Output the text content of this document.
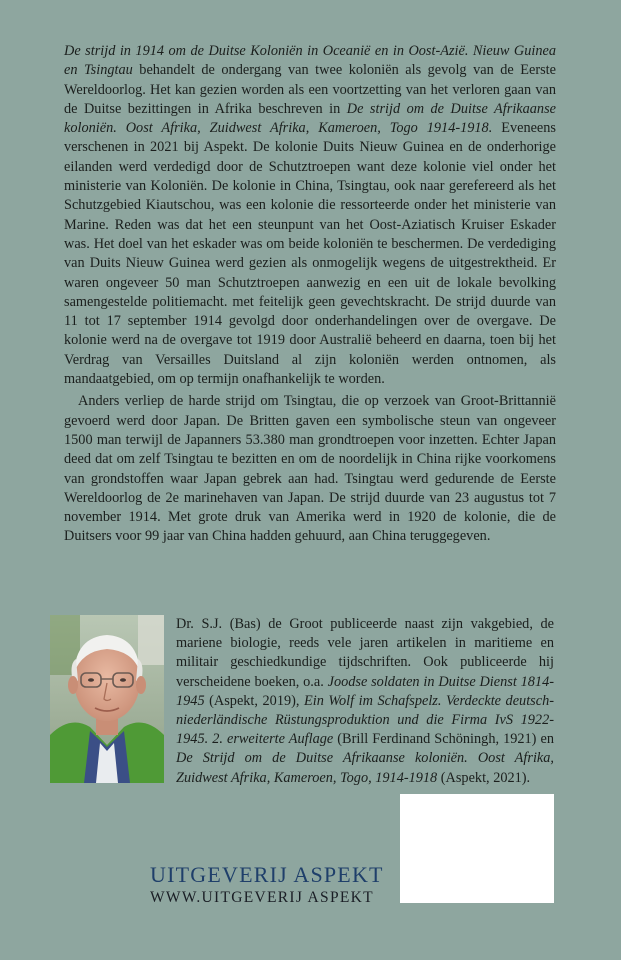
De strijd in 1914 om de Duitse Koloniën in Oceanië en in Oost-Azië. Nieuw Guinea en Tsingtau behandelt de ondergang van twee koloniën als gevolg van de Eerste Wereldoorlog. Het kan gezien worden als een voortzetting van het verloren gaan van de Duitse bezittingen in Afrika beschreven in De strijd om de Duitse Afrikaanse koloniën. Oost Afrika, Zuidwest Afrika, Kameroen, Togo 1914-1918. Eveneens verschenen in 2021 bij Aspekt. De kolonie Duits Nieuw Guinea en de onderhorige eilanden werd verdedigd door de Schutztroepen want deze kolonie viel onder het ministerie van Koloniën. De kolonie in China, Tsingtau, ook naar gerefereerd als het Schutzgebied Kiautschou, was een kolonie die ressorteerde onder het ministerie van Marine. Reden was dat het een steunpunt van het Oost-Aziatisch Kruiser Eskader was. Het doel van het eskader was om beide koloniën te beschermen. De verdediging van Duits Nieuw Guinea werd gezien als onmogelijk wegens de uitgestrektheid. Er waren ongeveer 50 man Schutztroepen aanwezig en een uit de lokale bevolking samengestelde politiemacht. met feitelijk geen gevechtskracht. De strijd duurde van 11 tot 17 september 1914 gevolgd door onderhandelingen over de overgave. De kolonie werd na de overgave tot 1919 door Australië beheerd en daarna, toen bij het Verdrag van Versailles Duitsland al zijn koloniën werden ontnomen, als mandaatgebied, om op termijn onafhankelijk te worden.

Anders verliep de harde strijd om Tsingtau, die op verzoek van Groot-Brittannië gevoerd werd door Japan. De Britten gaven een symbolische steun van ongeveer 1500 man terwijl de Japanners 53.380 man grondtroepen voor inzetten. Echter Japan deed dat om zelf Tsingtau te bezitten en om de noordelijk in China rijke voorkomens van grondstoffen waar Japan gebrek aan had. Tsingtau werd gedurende de Eerste Wereldoorlog de 2e marinehaven van Japan. De strijd duurde van 23 augustus tot 7 november 1914. Met grote druk van Amerika werd in 1920 de kolonie, die de Duitsers voor 99 jaar van China hadden gehuurd, aan China teruggegeven.

Dr. S.J. (Bas) de Groot publiceerde naast zijn vakgebied, de mariene biologie, reeds vele jaren artikelen in maritieme en militair geschiedkundige tijdschriften. Ook publiceerde hij verscheidene boeken, o.a. Joodse soldaten in Duitse Dienst 1814-1945 (Aspekt, 2019), Ein Wolf im Schafspelz. Verdeckte deutsch-niederländische Rüstungsproduktion und die Firma IvS 1922-1945. 2. erweiterte Auflage (Brill Ferdinand Schöningh, 1921) en De Strijd om de Duitse Afrikaanse koloniën. Oost Afrika, Zuidwest Afrika, Kameroen, Togo, 1914-1918 (Aspekt, 2021).
UITGEVERIJ ASPEKT
WWW.UITGEVERIJ ASPEKT
